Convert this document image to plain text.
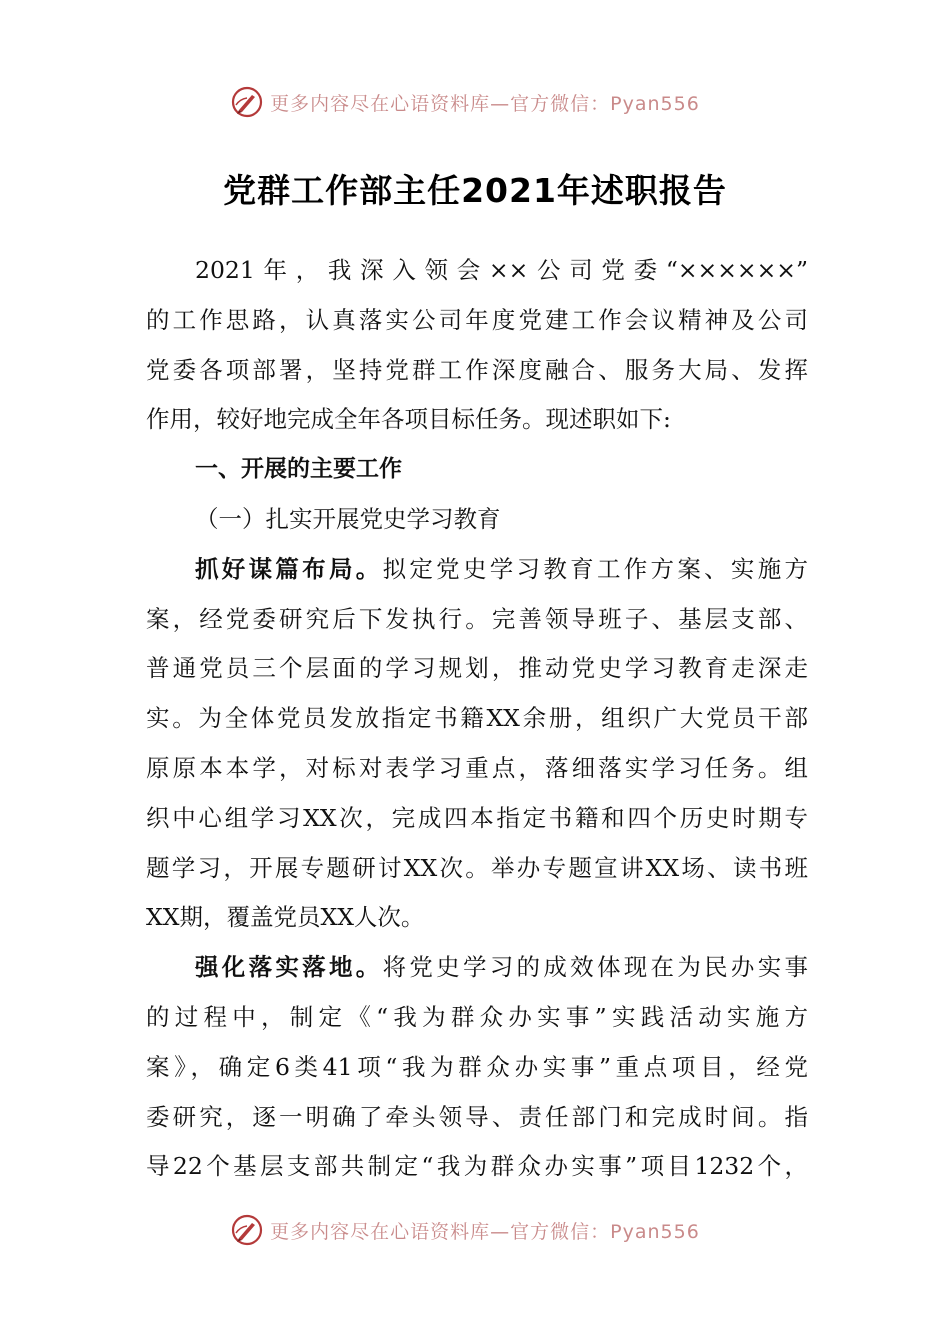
更多内容尽在心语资料库—官方微信：Pyan556
党群工作部主任2021年述职报告
2021年，我深入领会××公司党委“××××××”
的工作思路，认真落实公司年度党建工作会议精神及公司
党委各项部署，坚持党群工作深度融合、服务大局、发挥
作用，较好地完成全年各项目标任务。现述职如下:
一、开展的主要工作
（一）扎实开展党史学习教育
抓好谋篇布局。拟定党史学习教育工作方案、实施方
案，经党委研究后下发执行。完善领导班子、基层支部、
普通党员三个层面的学习规划，推动党史学习教育走深走
实。为全体党员发放指定书籍XX余册，组织广大党员干部
原原本本学，对标对表学习重点，落细落实学习任务。组
织中心组学习XX次，完成四本指定书籍和四个历史时期专
题学习，开展专题研讨XX次。举办专题宣讲XX场、读书班
XX期，覆盖党员XX人次。
强化落实落地。将党史学习的成效体现在为民办实事
的过程中，制定《“我为群众办实事”实践活动实施方
案》，确定6类41项“我为群众办实事”重点项目，经党
委研究，逐一明确了牵头领导、责任部门和完成时间。指
导22个基层支部共制定“我为群众办实事”项目1232个，
更多内容尽在心语资料库—官方微信：Pyan556
